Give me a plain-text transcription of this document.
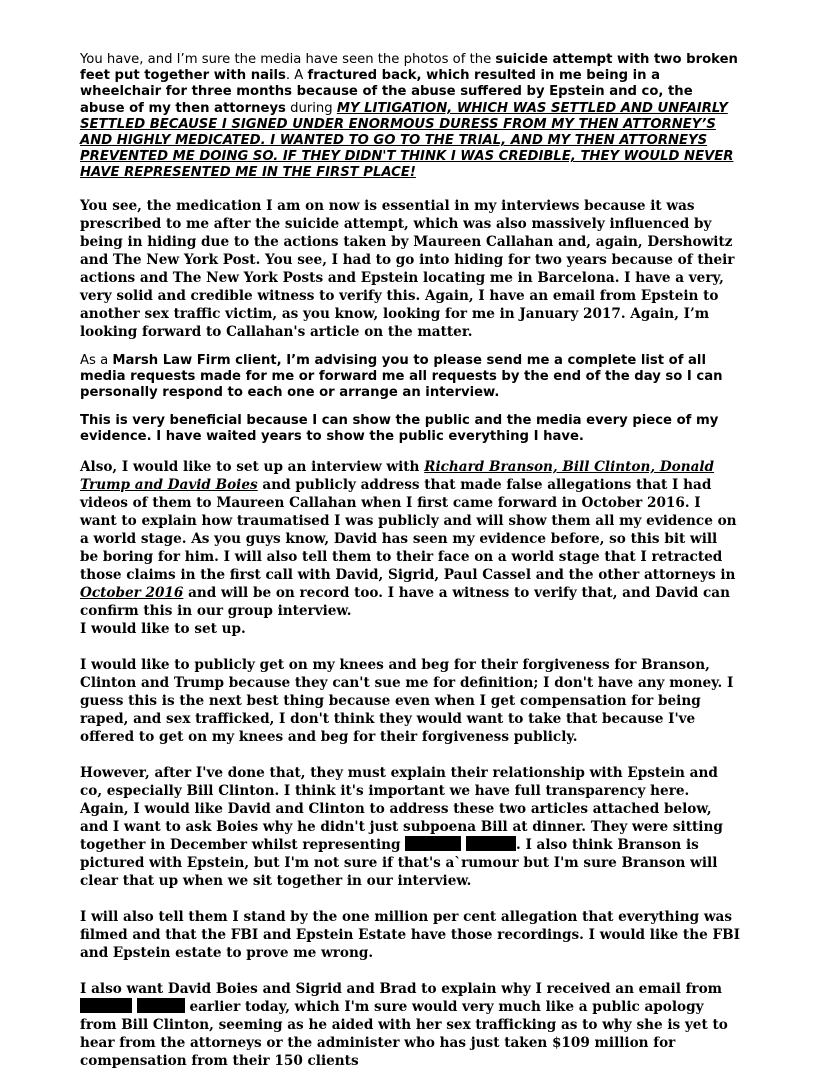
You have, and I’m sure the media have seen the photos of the suicide attempt with two broken feet put together with nails. A fractured back, which resulted in me being in a wheelchair for three months because of the abuse suffered by Epstein and co, the abuse of my then attorneys during MY LITIGATION, WHICH WAS SETTLED AND UNFAIRLY SETTLED BECAUSE I SIGNED UNDER ENORMOUS DURESS FROM MY THEN ATTORNEY’S AND HIGHLY MEDICATED. I WANTED TO GO TO THE TRIAL, AND MY THEN ATTORNEYS PREVENTED ME DOING SO. IF THEY DIDN'T THINK I WAS CREDIBLE, THEY WOULD NEVER HAVE REPRESENTED ME IN THE FIRST PLACE!

You see, the medication I am on now is essential in my interviews because it was prescribed to me after the suicide attempt, which was also massively influenced by being in hiding due to the actions taken by Maureen Callahan and, again, Dershowitz and The New York Post. You see, I had to go into hiding for two years because of their actions and The New York Posts and Epstein locating me in Barcelona. I have a very, very solid and credible witness to verify this. Again, I have an email from Epstein to another sex traffic victim, as you know, looking for me in January 2017. Again, I’m looking forward to Callahan's article on the matter.

As a Marsh Law Firm client, I’m advising you to please send me a complete list of all media requests made for me or forward me all requests by the end of the day so I can personally respond to each one or arrange an interview.

This is very beneficial because I can show the public and the media every piece of my evidence. I have waited years to show the public everything I have.

Also, I would like to set up an interview with Richard Branson, Bill Clinton, Donald Trump and David Boies and publicly address that made false allegations that I had videos of them to Maureen Callahan when I first came forward in October 2016. I want to explain how traumatised I was publicly and will show them all my evidence on a world stage. As you guys know, David has seen my evidence before, so this bit will be boring for him. I will also tell them to their face on a world stage that I retracted those claims in the first call with David, Sigrid, Paul Cassel and the other attorneys in October 2016 and will be on record too. I have a witness to verify that, and David can confirm this in our group interview.
I would like to set up.

I would like to publicly get on my knees and beg for their forgiveness for Branson, Clinton and Trump because they can't sue me for definition; I don't have any money. I guess this is the next best thing because even when I get compensation for being raped, and sex trafficked, I don't think they would want to take that because I've offered to get on my knees and beg for their forgiveness publicly.

However, after I've done that, they must explain their relationship with Epstein and co, especially Bill Clinton. I think it's important we have full transparency here. Again, I would like David and Clinton to address these two articles attached below, and I want to ask Boies why he didn't just subpoena Bill at dinner. They were sitting together in December whilst representing	. I also think Branson is pictured with Epstein, but I'm not sure if that's a`rumour but I'm sure Branson will clear that up when we sit together in our interview.

I will also tell them I stand by the one million per cent allegation that everything was filmed and that the FBI and Epstein Estate have those recordings. I would like the FBI and Epstein estate to prove me wrong.

I also want David Boies and Sigrid and Brad to explain why I received an email from   earlier today, which I'm sure would very much like a public apology from Bill Clinton, seeming as he aided with her sex trafficking as to why she is yet to hear from the attorneys or the administer who has just taken $109 million for compensation from their 150 clients
